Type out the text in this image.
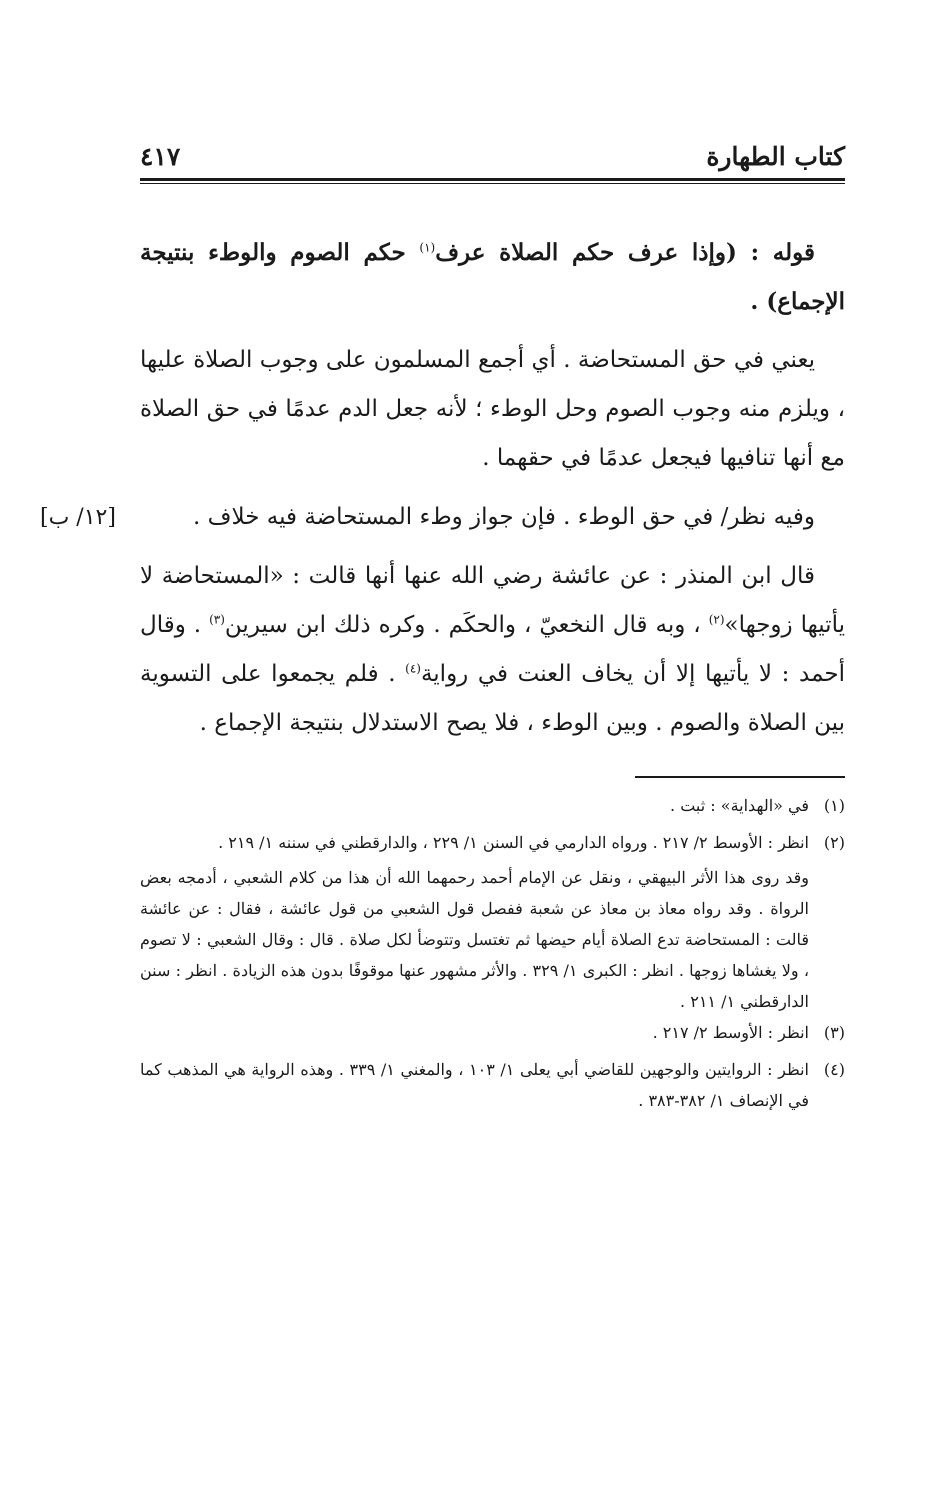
كتاب الطهارة
٤١٧

قوله : ‎(وإذا عرف حكم الصلاة عرف$^{(١)}$ حكم الصوم والوطء بنتيجة الإجماع) .

يعني في حق المستحاضة . أي أجمع المسلمون على وجوب الصلاة عليها ، ويلزم منه وجوب الصوم وحل الوطء ؛ لأنه جعل الدم عدمًا في حق الصلاة مع أنها تنافيها فيجعل عدمًا في حقهما .

وفيه نظر/ في حق الوطء . فإن جواز وطء المستحاضة فيه خلاف .

قال ابن المنذر : عن عائشة رضي الله عنها أنها قالت : «المستحاضة لا يأتيها زوجها»$^{(٢)}$ ، وبه قال النخعيّ ، والحكَم . وكره ذلك ابن سيرين$^{(٣)}$ . وقال أحمد : لا يأتيها إلا أن يخاف العنت في رواية$^{(٤)}$ . فلم يجمعوا على التسوية بين الصلاة والصوم . وبين الوطء ، فلا يصح الاستدلال بنتيجة الإجماع .

[١٢/ ب]
(١)
في «الهداية» : ثبت .
(٢)
انظر : الأوسط ٢/ ٢١٧ . ورواه الدارمي في السنن ١/ ٢٢٩ ، والدارقطني في سننه ١/ ٢١٩ .
وقد روى هذا الأثر البيهقي ، ونقل عن الإمام أحمد رحمهما الله أن هذا من كلام الشعبي ، أدمجه بعض الرواة . وقد رواه معاذ بن معاذ عن شعبة ففصل قول الشعبي من قول عائشة ، فقال : عن عائشة قالت : المستحاضة تدع الصلاة أيام حيضها ثم تغتسل وتتوضأ لكل صلاة . قال : وقال الشعبي : لا تصوم ، ولا يغشاها زوجها . انظر : الكبرى ١/ ٣٢٩ . والأثر مشهور عنها موقوفًا بدون هذه الزيادة . انظر : سنن الدارقطني ١/ ٢١١ .
(٣)
انظر : الأوسط ٢/ ٢١٧ .
(٤)
انظر : الروايتين والوجهين للقاضي أبي يعلى ١/ ١٠٣ ، والمغني ١/ ٣٣٩ . وهذه الرواية هي المذهب كما في الإنصاف ١/ ٣٨٢-٣٨٣ .
